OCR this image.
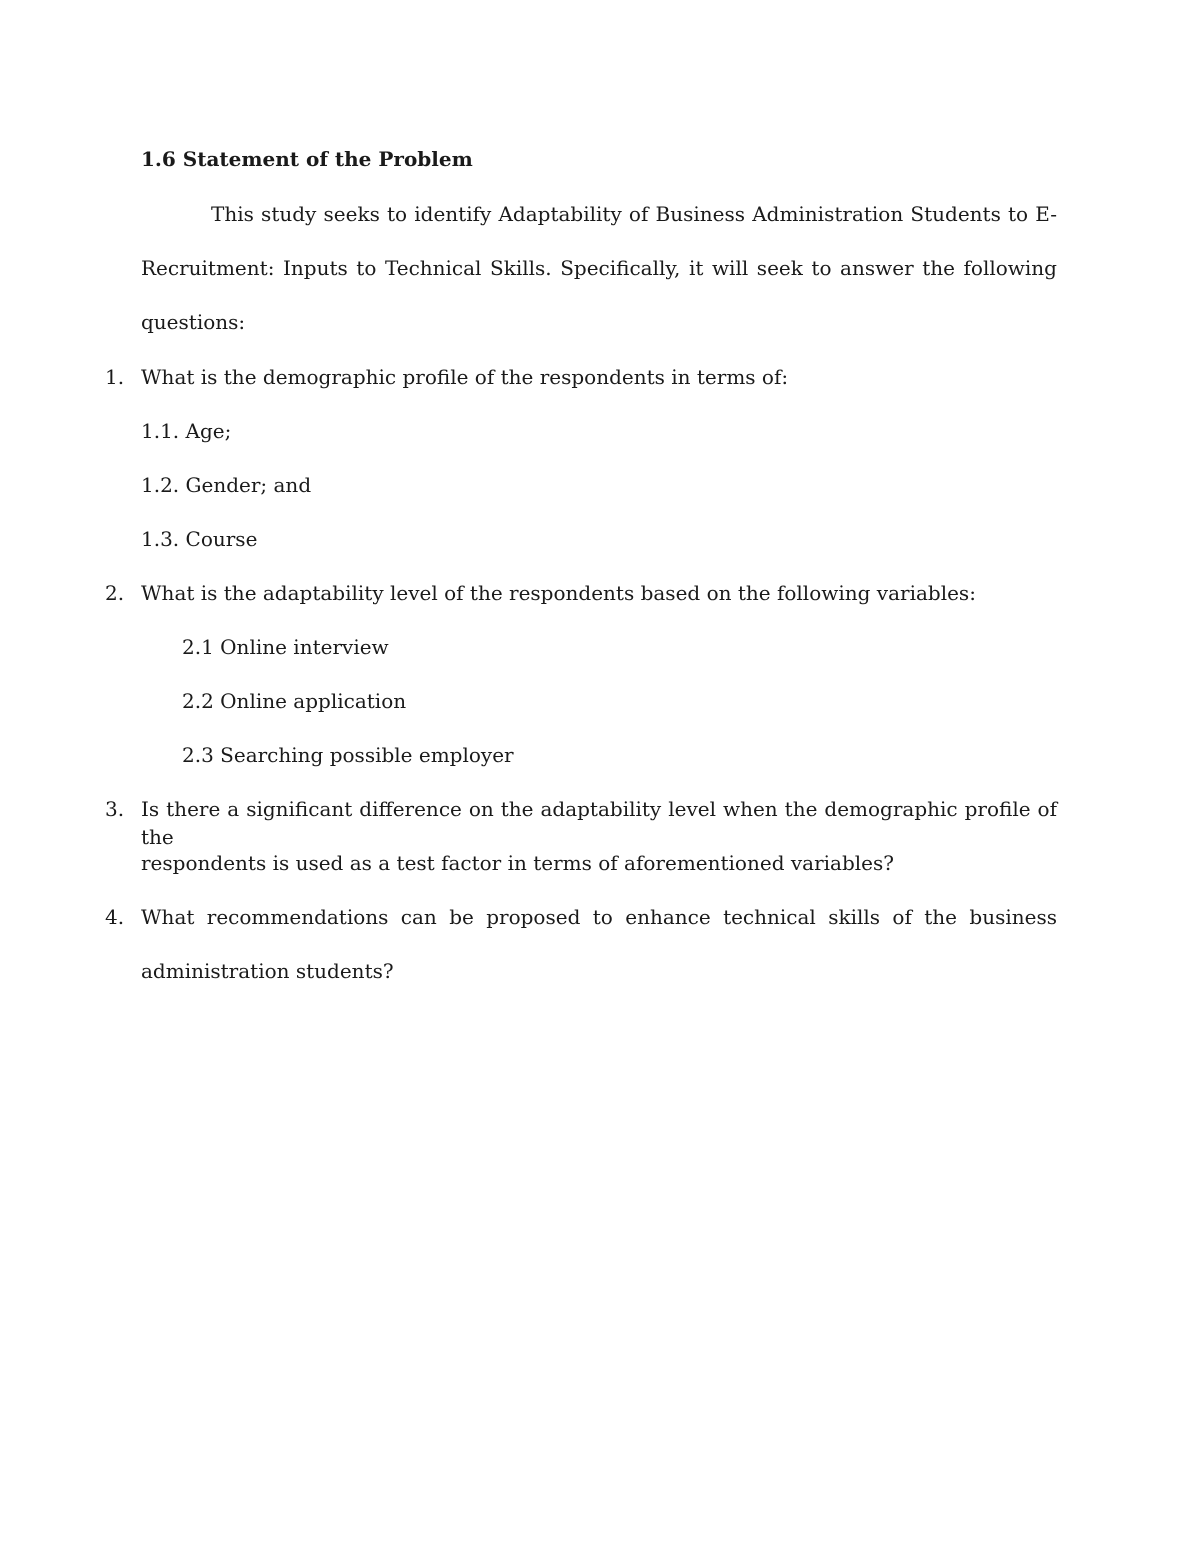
1.6 Statement of the Problem
This study seeks to identify Adaptability of Business Administration Students to E-
Recruitment: Inputs to Technical Skills. Specifically, it will seek to answer the following
questions:
1. What is the demographic profile of the respondents in terms of:
1.1. Age;
1.2. Gender; and
1.3. Course
2. What is the adaptability level of the respondents based on the following variables:
2.1 Online interview
2.2 Online application
2.3 Searching possible employer
3. Is there a significant difference on the adaptability level when the demographic profile of the
respondents is used as a test factor in terms of aforementioned variables?
4. What recommendations can be proposed to enhance technical skills of the business
administration students?
